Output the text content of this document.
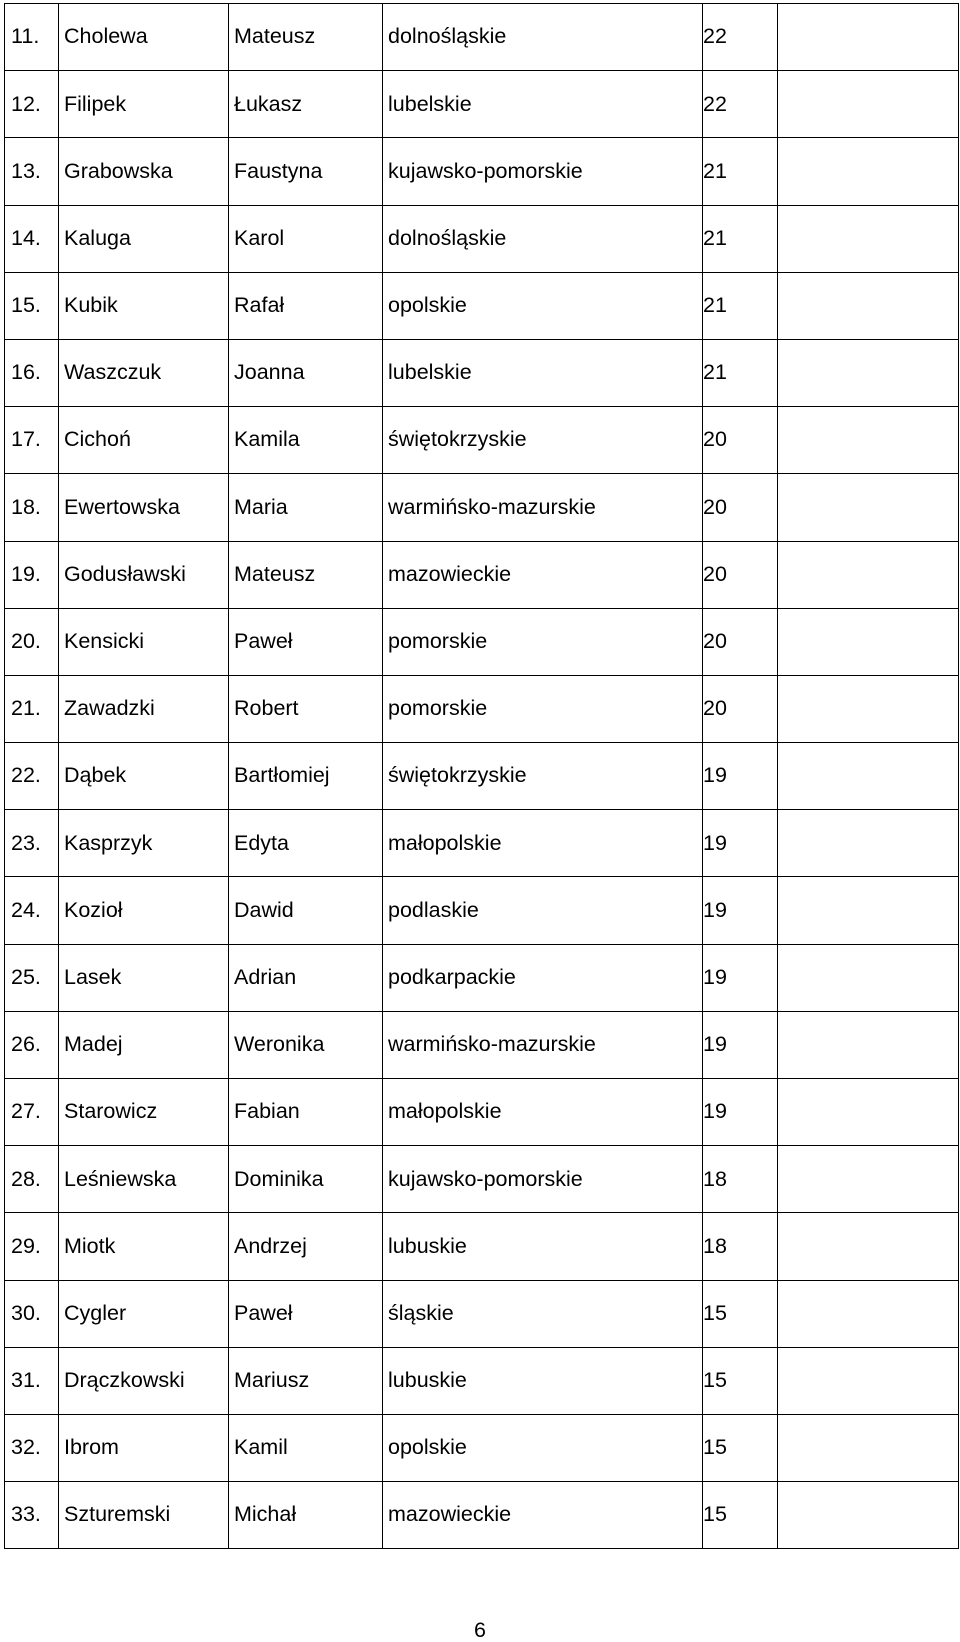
11.	Cholewa	Mateusz	dolnośląskie	22	
12.	Filipek	Łukasz	lubelskie	22	
13.	Grabowska	Faustyna	kujawsko-pomorskie	21	
14.	Kaluga	Karol	dolnośląskie	21	
15.	Kubik	Rafał	opolskie	21	
16.	Waszczuk	Joanna	lubelskie	21	
17.	Cichoń	Kamila	świętokrzyskie	20	
18.	Ewertowska	Maria	warmińsko-mazurskie	20	
19.	Godusławski	Mateusz	mazowieckie	20	
20.	Kensicki	Paweł	pomorskie	20	
21.	Zawadzki	Robert	pomorskie	20	
22.	Dąbek	Bartłomiej	świętokrzyskie	19	
23.	Kasprzyk	Edyta	małopolskie	19	
24.	Kozioł	Dawid	podlaskie	19	
25.	Lasek	Adrian	podkarpackie	19	
26.	Madej	Weronika	warmińsko-mazurskie	19	
27.	Starowicz	Fabian	małopolskie	19	
28.	Leśniewska	Dominika	kujawsko-pomorskie	18	
29.	Miotk	Andrzej	lubuskie	18	
30.	Cygler	Paweł	śląskie	15	
31.	Drączkowski	Mariusz	lubuskie	15	
32.	Ibrom	Kamil	opolskie	15	
33.	Szturemski	Michał	mazowieckie	15	
6
